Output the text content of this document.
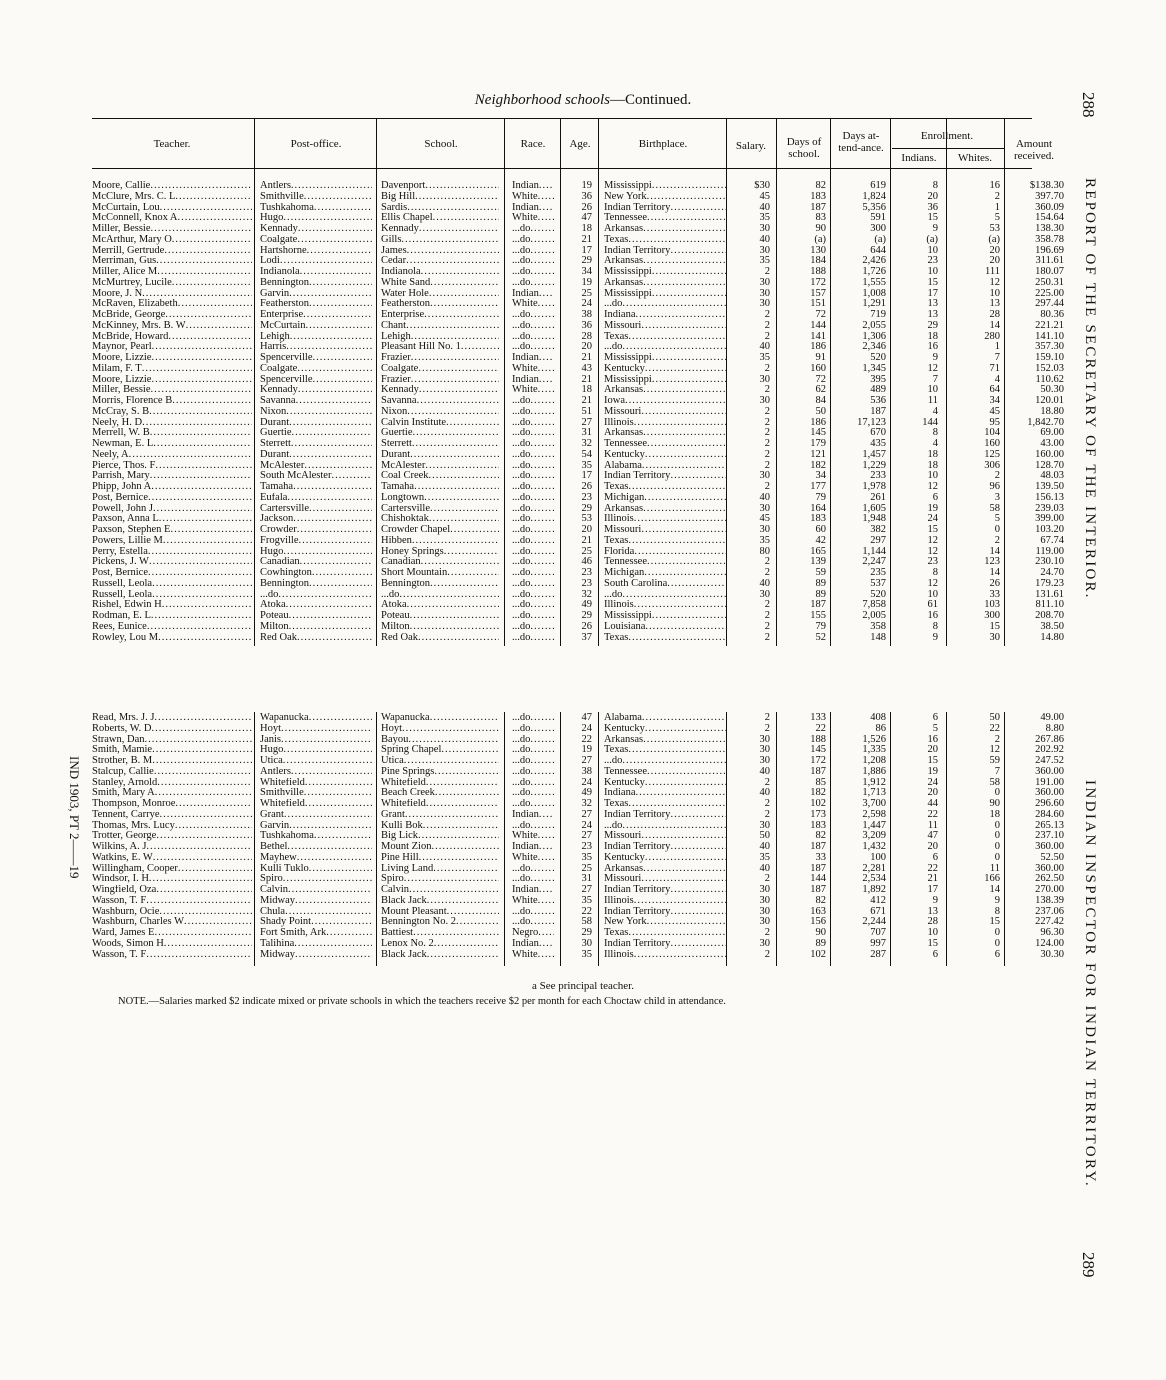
Neighborhood schools—Continued.	288
REPORT OF THE SECRETARY OF THE INTERIOR.
INDIAN INSPECTOR FOR INDIAN TERRITORY.
289
IND 1903, PT 2——19
Teacher.	Post-office.	School.	Race.	Age.	Birthplace.	Salary.	Days of school.
Days at-tend-ance.
Enrollment.
Indians.	Whites.
Amount received.
Moore, Callie .....	Antlers .....	Davenport .....	Indian .....	19 Mississippi .....	$30	82	619	8	16	$138.30
McClure, Mrs. C. L .....	Smithville .....	Big Hill .....	White .....	36 New York .....	45	183	1,824	20	2	397.70
McCurtain, Lou .....	Tushkahoma .....	Sardis .....	Indian .....	26 Indian Territory .....	40	187	5,356	36	1	360.09
McConnell, Knox A .....	Hugo .....	Ellis Chapel .....	White .....	47 Tennessee .....	35	83	591	15	5	154.64
Miller, Bessie .....	Kennady .....	Kennady .....	...do .....	18 Arkansas .....	30	90	300	9	53	138.30
McArthur, Mary O .....	Coalgate .....	Gills .....	...do .....	21 Texas .....	40	(a)	(a)	(a)	(a)	358.78
Merrill, Gertrude .....	Hartshorne .....	James .....	...do .....	17 Indian Territory .....	30	130	644	10	20	196.69
Merriman, Gus .....	Lodi .....	Cedar .....	...do .....	29 Arkansas .....	35	184	2,426	23	20	311.61
Miller, Alice M .....	Indianola .....	Indianola .....	...do .....	34 Mississippi .....	2	188	1,726	10	111	180.07
McMurtrey, Lucile .....	Bennington .....	White Sand .....	...do .....	19 Arkansas .....	30	172	1,555	15	12	250.31
Moore, J. N .....	Garvin .....	Water Hole .....	Indian .....	25 Mississippi .....	30	157	1,008	17	10	225.00
McRaven, Elizabeth .....	Featherston .....	Featherston .....	White .....	24 ...do .....	30	151	1,291	13	13	297.44
McBride, George .....	Enterprise .....	Enterprise .....	...do .....	38 Indiana .....	2	72	719	13	28	80.36
McKinney, Mrs. B. W .....	McCurtain .....	Chant .....	...do .....	36 Missouri .....	2	144	2,055	29	14	221.21
McBride, Howard .....	Lehigh .....	Lehigh .....	...do .....	28 Texas .....	2	141	1,306	18	280	141.10
Maynor, Pearl .....	Harris .....	Pleasant Hill No. 1 .....	...do .....	20 ...do .....	40	186	2,346	16	1	357.30
Moore, Lizzie .....	Spencerville .....	Frazier .....	Indian .....	21 Mississippi .....	35	91	520	9	7	159.10
Milam, F. T .....	Coalgate .....	Coalgate .....	White .....	43 Kentucky .....	2	160	1,345	12	71	152.03
Moore, Lizzie .....	Spencerville .....	Frazier .....	Indian .....	21 Mississippi .....	30	72	395	7	4	110.62
Miller, Bessie .....	Kennady .....	Kennady .....	White .....	18 Arkansas .....	2	62	489	10	64	50.30
Morris, Florence B .....	Savanna .....	Savanna .....	...do .....	21 Iowa .....	30	84	536	11	34	120.01
McCray, S. B .....	Nixon .....	Nixon .....	...do .....	51 Missouri .....	2	50	187	4	45	18.80
Neely, H. D .....	Durant .....	Calvin Institute .....	...do .....	27 Illinois .....	2	186	17,123	144	95	1,842.70
Merrell, W. B .....	Guertie .....	Guertie .....	...do .....	31 Arkansas .....	2	145	670	8	104	69.00
Newman, E. L .....	Sterrett .....	Sterrett .....	...do .....	32 Tennessee .....	2	179	435	4	160	43.00
Neely, A .....	Durant .....	Durant .....	...do .....	54 Kentucky .....	2	121	1,457	18	125	160.00
Pierce, Thos. F .....	McAlester .....	McAlester .....	...do .....	35 Alabama .....	2	182	1,229	18	306	128.70
Parrish, Mary .....	South McAlester .....	Coal Creek .....	...do .....	17 Indian Territory .....	30	34	233	10	2	48.03
Phipp, John A .....	Tamaha .....	Tamaha .....	...do .....	26 Texas .....	2	177	1,978	12	96	139.50
Post, Bernice .....	Eufala .....	Longtown .....	...do .....	23 Michigan .....	40	79	261	6	3	156.13
Powell, John J .....	Cartersville .....	Cartersville .....	...do .....	29 Arkansas .....	30	164	1,605	19	58	239.03
Paxson, Anna L .....	Jackson .....	Chishoktak .....	...do .....	53 Illinois .....	45	183	1,948	24	5	399.00
Paxson, Stephen E .....	Crowder .....	Crowder Chapel .....	...do .....	20 Missouri .....	30	60	382	15	0	103.20
Powers, Lillie M .....	Frogville .....	Hibben .....	...do .....	21 Texas .....	35	42	297	12	2	67.74
Perry, Estella .....	Hugo .....	Honey Springs .....	...do .....	25 Florida .....	80	165	1,144	12	14	119.00
Pickens, J. W .....	Canadian .....	Canadian .....	...do .....	46 Tennessee .....	2	139	2,247	23	123	230.10
Post, Bernice .....	Cowhington .....	Short Mountain .....	...do .....	23 Michigan .....	2	59	235	8	14	24.70
Russell, Leola .....	Bennington .....	Bennington .....	...do .....	23 South Carolina .....	40	89	537	12	26	179.23
Russell, Leola .....	...do .....	...do .....	...do .....	32 ...do .....	30	89	520	10	33	131.61
Rishel, Edwin H .....	Atoka .....	Atoka .....	...do .....	49 Illinois .....	2	187	7,858	61	103	811.10
Rodman, E. L .....	Poteau .....	Poteau .....	...do .....	29 Mississippi .....	2	155	2,005	16	300	208.70
Rees, Eunice .....	Milton .....	Milton .....	...do .....	26 Louisiana .....	2	79	358	8	15	38.50
Rowley, Lou M .....	Red Oak .....	Red Oak .....	...do .....	37 Texas .....	2	52	148	9	30	14.80
Read, Mrs. J. J .....	Wapanucka .....	Wapanucka .....	...do .....	47 Alabama .....	2	133	408	6	50	49.00
Roberts, W. D .....	Hoyt .....	Hoyt .....	...do .....	24 Kentucky .....	2	22	86	5	22	8.80
Strawn, Dan .....	Janis .....	Bayou .....	...do .....	22 Arkansas .....	30	188	1,526	16	2	267.86
Smith, Mamie .....	Hugo .....	Spring Chapel .....	...do .....	19 Texas .....	30	145	1,335	20	12	202.92
Strother, B. M .....	Utica .....	Utica .....	...do .....	27 ...do .....	30	172	1,208	15	59	247.52
Stalcup, Callie .....	Antlers .....	Pine Springs .....	...do .....	38 Tennessee .....	40	187	1,886	19	7	360.00
Stanley, Arnold .....	Whitefield .....	Whitefield .....	...do .....	24 Kentucky .....	2	85	1,912	24	58	191.00
Smith, Mary A .....	Smithville .....	Beach Creek .....	...do .....	49 Indiana .....	40	182	1,713	20	0	360.00
Thompson, Monroe .....	Whitefield .....	Whitefield .....	...do .....	32 Texas .....	2	102	3,700	44	90	296.60
Tennent, Carrye .....	Grant .....	Grant .....	Indian .....	27 Indian Territory .....	2	173	2,598	22	18	284.60
Thomas, Mrs. Lucy .....	Garvin .....	Kulli Bok .....	...do .....	24 ...do .....	30	183	1,447	11	0	265.13
Trotter, George .....	Tushkahoma .....	Big Lick .....	White .....	27 Missouri .....	50	82	3,209	47	0	237.10
Wilkins, A. J .....	Bethel .....	Mount Zion .....	Indian .....	23 Indian Territory .....	40	187	1,432	20	0	360.00
Watkins, E. W .....	Mayhew .....	Pine Hill .....	White .....	35 Kentucky .....	35	33	100	6	0	52.50
Willingham, Cooper .....	Kulli Tuklo .....	Living Land .....	...do .....	25 Arkansas .....	40	187	2,281	22	11	360.00
Windsor, I. H .....	Spiro .....	Spiro .....	...do .....	31 Missouri .....	2	144	2,534	21	166	262.50
Wingfield, Oza .....	Calvin .....	Calvin .....	Indian .....	27 Indian Territory .....	30	187	1,892	17	14	270.00
Wasson, T. F .....	Midway .....	Black Jack .....	White .....	35 Illinois .....	30	82	412	9	9	138.39
Washburn, Ocie .....	Chula .....	Mount Pleasant .....	...do .....	22 Indian Territory .....	30	163	671	13	8	237.06
Washburn, Charles W .....	Shady Point .....	Bennington No. 2 .....	...do .....	58 New York .....	30	156	2,244	28	15	227.42
Ward, James E .....	Fort Smith, Ark .....	Battiest .....	Negro .....	29 Texas .....	2	90	707	10	0	96.30
Woods, Simon H .....	Talihina .....	Lenox No. 2 .....	Indian .....	30 Indian Territory .....	30	89	997	15	0	124.00
Wasson, T. F .....	Midway .....	Black Jack .....	White .....	35 Illinois .....	2	102	287	6	6	30.30
a See principal teacher.
NOTE.—Salaries marked $2 indicate mixed or private schools in which the teachers receive $2 per month for each Choctaw child in attendance.
